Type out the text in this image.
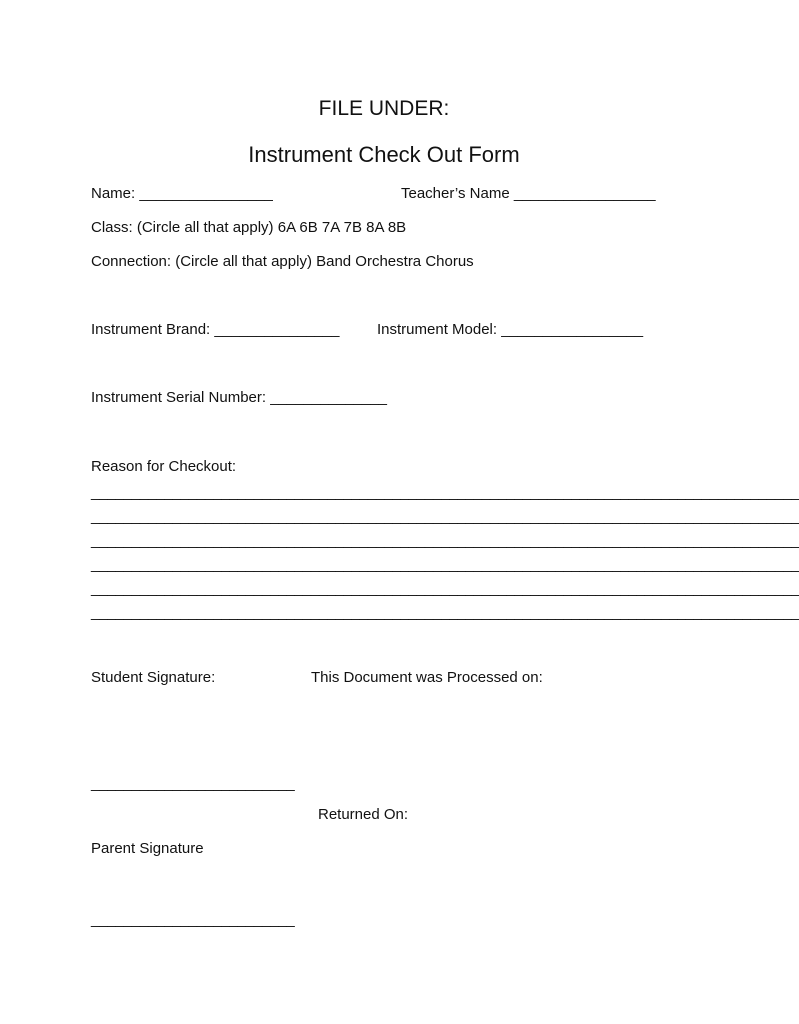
FILE UNDER:

Instrument Check Out Form

Name: ________________	Teacher’s Name _________________

Class: (Circle all that apply) 6A 6B 7A 7B 8A 8B

Connection: (Circle all that apply) Band Orchestra Chorus

Instrument Brand: _______________ Instrument Model: _________________

Instrument Serial Number: ______________

Reason for Checkout:

_______________________________________________________________________________________
_______________________________________________________________________________________
_______________________________________________________________________________________
_______________________________________________________________________________________
_______________________________________________________________________________________
_______________________________________________________________________________________

Student Signature:	This Document was Processed on:

_________________________

Returned On:

Parent Signature

_________________________
